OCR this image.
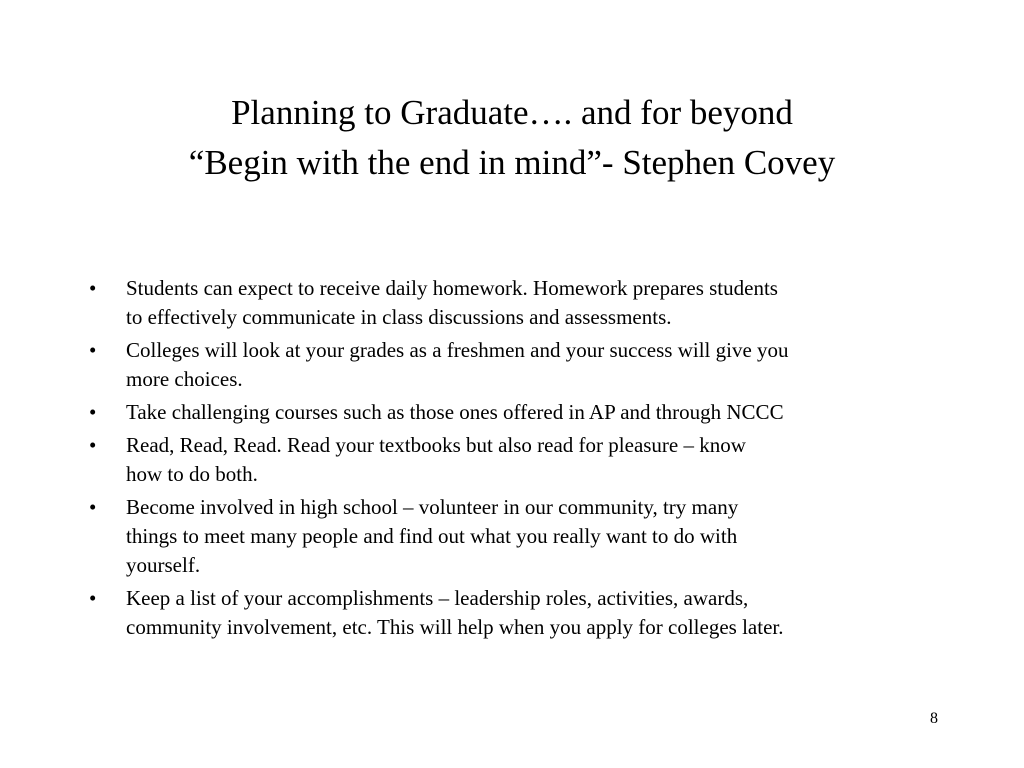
Planning to Graduate…. and for beyond
“Begin with the end in mind”- Stephen Covey
• Students can expect to receive daily homework. Homework prepares students
to effectively communicate in class discussions and assessments.
• Colleges will look at your grades as a freshmen and your success will give you
more choices.
• Take challenging courses such as those ones offered in AP and through NCCC
• Read, Read, Read. Read your textbooks but also read for pleasure – know
how to do both.
• Become involved in high school – volunteer in our community, try many
things to meet many people and find out what you really want to do with
yourself.
• Keep a list of your accomplishments – leadership roles, activities, awards,
community involvement, etc. This will help when you apply for colleges later.
8
